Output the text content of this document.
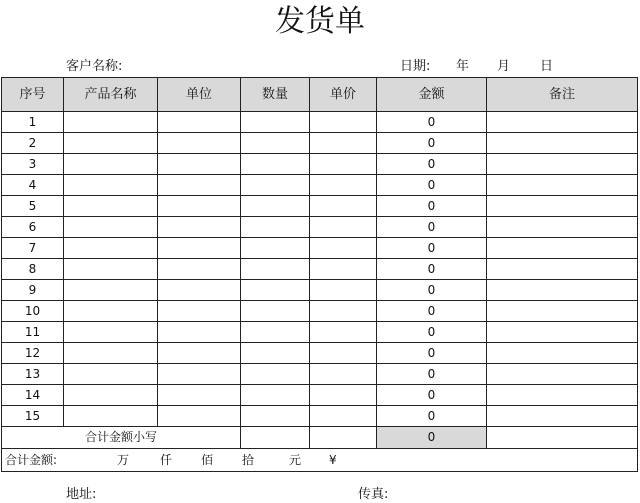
发货单
客户名称:	日期: 年 月 日
序号	产品名称	单位	数量	单价	金额	备注
1					0	
2					0	
3					0	
4					0	
5					0	
6					0	
7					0	
8					0	
9					0	
10					0	
11					0	
12					0	
13					0	
14					0	
15					0	
合计金额小写					0	
合计金额: 万 仟 佰 拾 元 ¥						
地址:	传真:
